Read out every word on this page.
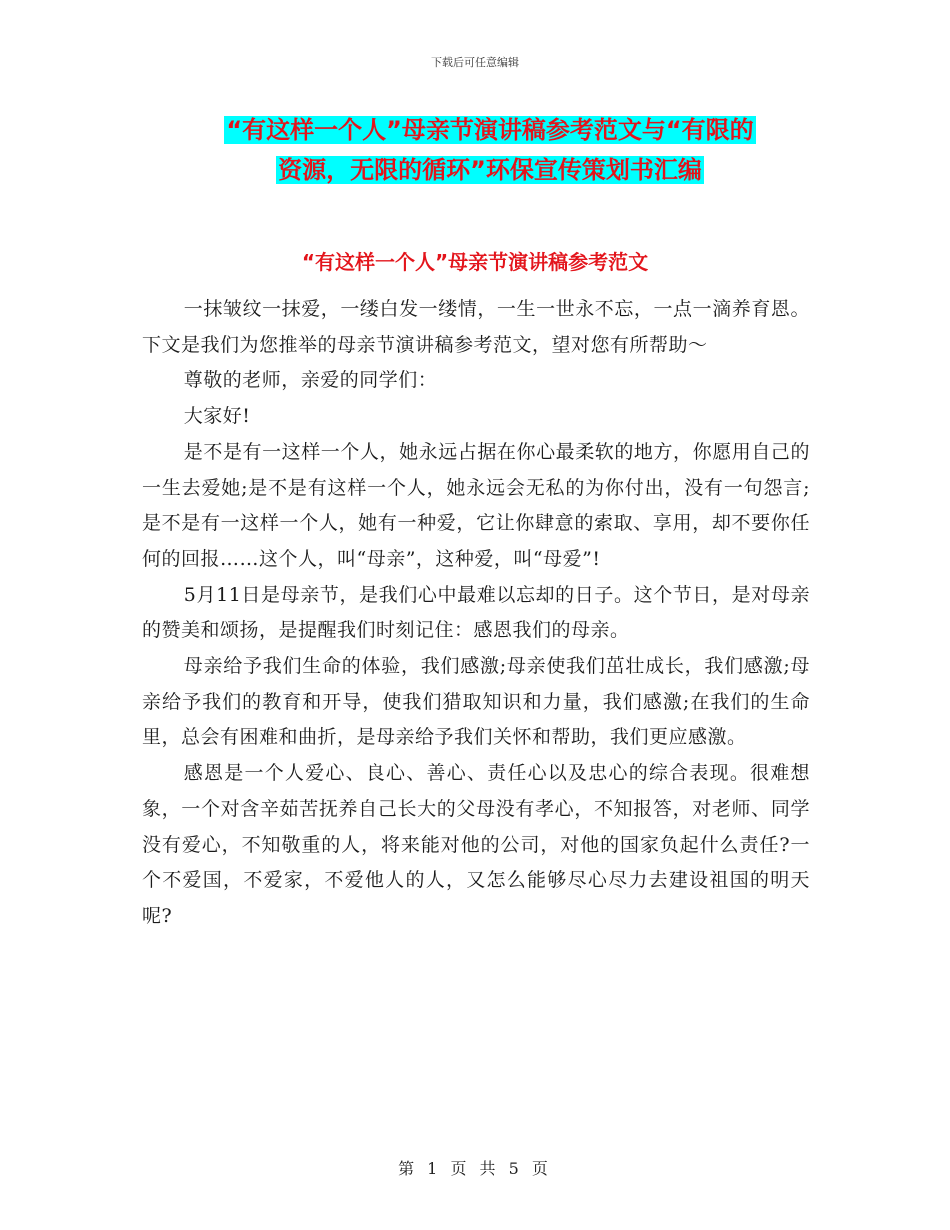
下载后可任意编辑
“有这样一个人”母亲节演讲稿参考范文与“有限的
资源，无限的循环”环保宣传策划书汇编
“有这样一个人”母亲节演讲稿参考范文

一抹皱纹一抹爱，一缕白发一缕情，一生一世永不忘，一点一滴养育恩。下文是我们为您推举的母亲节演讲稿参考范文，望对您有所帮助～

尊敬的老师，亲爱的同学们：

大家好!

是不是有一这样一个人，她永远占据在你心最柔软的地方，你愿用自己的一生去爱她;是不是有这样一个人，她永远会无私的为你付出，没有一句怨言;是不是有一这样一个人，她有一种爱，它让你肆意的索取、享用，却不要你任何的回报……这个人，叫“母亲”，这种爱，叫“母爱”!

5月11日是母亲节，是我们心中最难以忘却的日子。这个节日，是对母亲的赞美和颂扬，是提醒我们时刻记住：感恩我们的母亲。

母亲给予我们生命的体验，我们感激;母亲使我们茁壮成长，我们感激;母亲给予我们的教育和开导，使我们猎取知识和力量，我们感激;在我们的生命里，总会有困难和曲折，是母亲给予我们关怀和帮助，我们更应感激。

感恩是一个人爱心、良心、善心、责任心以及忠心的综合表现。很难想象，一个对含辛茹苦抚养自己长大的父母没有孝心，不知报答，对老师、同学没有爱心，不知敬重的人，将来能对他的公司，对他的国家负起什么责任?一个不爱国，不爱家，不爱他人的人，又怎么能够尽心尽力去建设祖国的明天呢?

第 1 页 共 5 页
